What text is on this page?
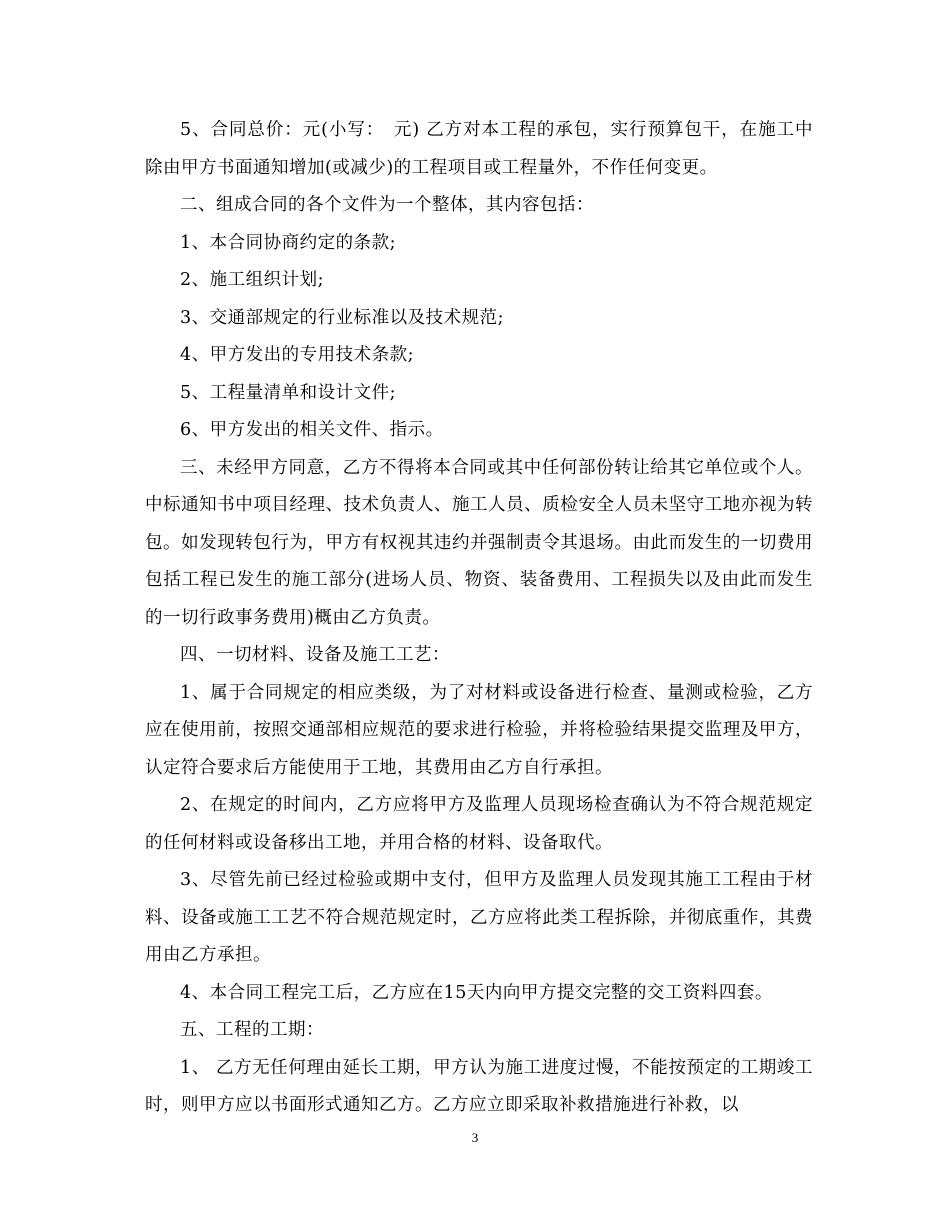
5、合同总价：元(小写：　元) 乙方对本工程的承包，实行预算包干，在施工中除由甲方书面通知增加(或减少)的工程项目或工程量外，不作任何变更。

二、组成合同的各个文件为一个整体，其内容包括：

1、本合同协商约定的条款;

2、施工组织计划;

3、交通部规定的行业标准以及技术规范;

4、甲方发出的专用技术条款;

5、工程量清单和设计文件;

6、甲方发出的相关文件、指示。

三、未经甲方同意，乙方不得将本合同或其中任何部份转让给其它单位或个人。中标通知书中项目经理、技术负责人、施工人员、质检安全人员未坚守工地亦视为转包。如发现转包行为，甲方有权视其违约并强制责令其退场。由此而发生的一切费用包括工程已发生的施工部分(进场人员、物资、装备费用、工程损失以及由此而发生的一切行政事务费用)概由乙方负责。

四、一切材料、设备及施工工艺：

1、属于合同规定的相应类级，为了对材料或设备进行检查、量测或检验，乙方应在使用前，按照交通部相应规范的要求进行检验，并将检验结果提交监理及甲方，认定符合要求后方能使用于工地，其费用由乙方自行承担。

2、在规定的时间内，乙方应将甲方及监理人员现场检查确认为不符合规范规定的任何材料或设备移出工地，并用合格的材料、设备取代。

3、尽管先前已经过检验或期中支付，但甲方及监理人员发现其施工工程由于材料、设备或施工工艺不符合规范规定时，乙方应将此类工程拆除，并彻底重作，其费用由乙方承担。

4、本合同工程完工后，乙方应在15天内向甲方提交完整的交工资料四套。

五、工程的工期：

1、 乙方无任何理由延长工期，甲方认为施工进度过慢，不能按预定的工期竣工时，则甲方应以书面形式通知乙方。乙方应立即采取补救措施进行补救，以

3
